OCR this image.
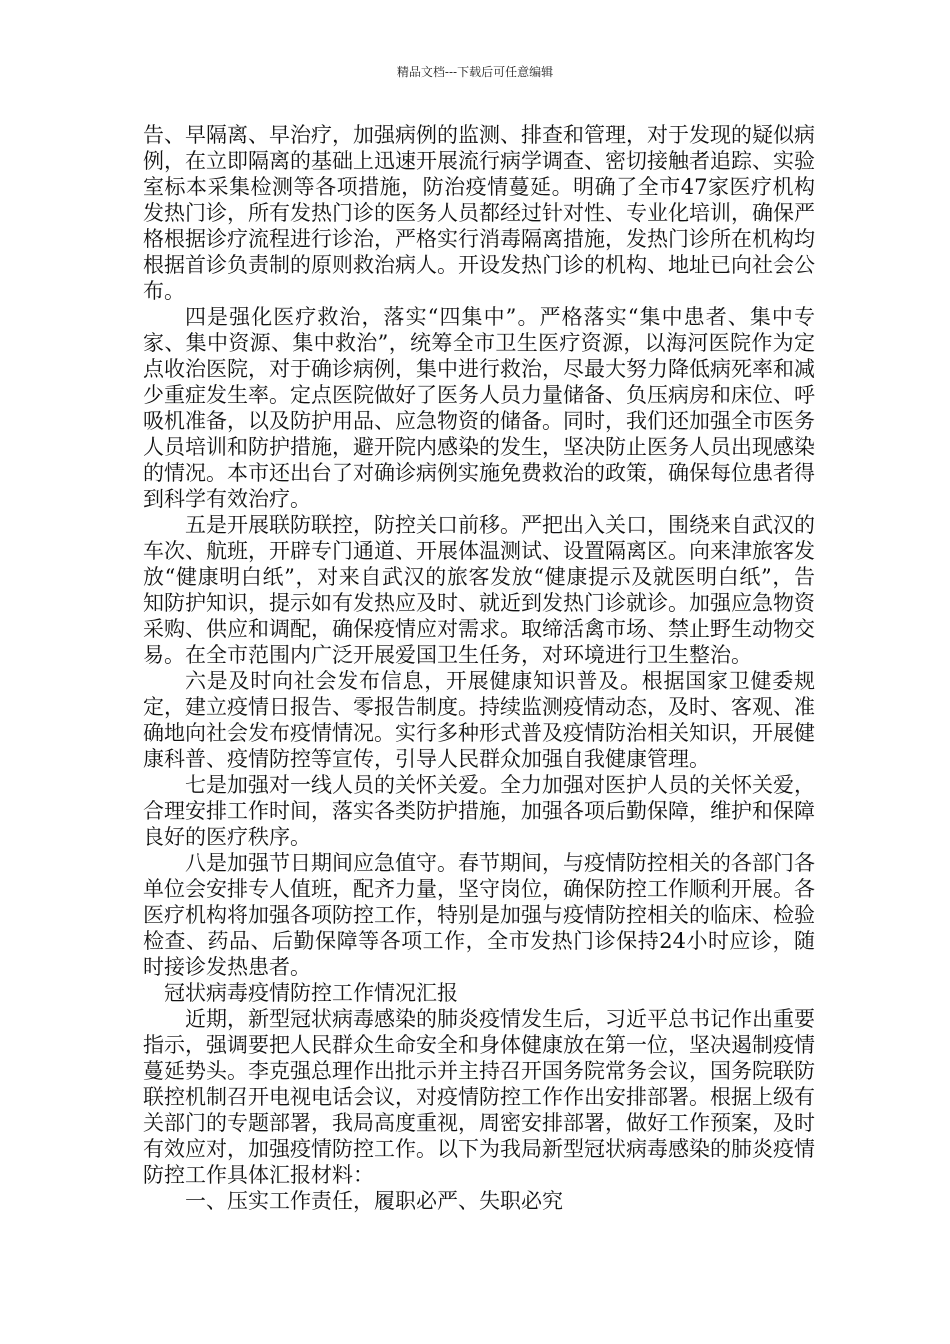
精品文档---下载后可任意编辑

告、早隔离、早治疗，加强病例的监测、排查和管理，对于发现的疑似病例，在立即隔离的基础上迅速开展流行病学调查、密切接触者追踪、实验室标本采集检测等各项措施，防治疫情蔓延。明确了全市47家医疗机构发热门诊，所有发热门诊的医务人员都经过针对性、专业化培训，确保严格根据诊疗流程进行诊治，严格实行消毒隔离措施，发热门诊所在机构均根据首诊负责制的原则救治病人。开设发热门诊的机构、地址已向社会公布。

四是强化医疗救治，落实“四集中”。严格落实“集中患者、集中专家、集中资源、集中救治”，统筹全市卫生医疗资源，以海河医院作为定点收治医院，对于确诊病例，集中进行救治，尽最大努力降低病死率和减少重症发生率。定点医院做好了医务人员力量储备、负压病房和床位、呼吸机准备，以及防护用品、应急物资的储备。同时，我们还加强全市医务人员培训和防护措施，避开院内感染的发生，坚决防止医务人员出现感染的情况。本市还出台了对确诊病例实施免费救治的政策，确保每位患者得到科学有效治疗。

五是开展联防联控，防控关口前移。严把出入关口，围绕来自武汉的车次、航班，开辟专门通道、开展体温测试、设置隔离区。向来津旅客发放“健康明白纸”，对来自武汉的旅客发放“健康提示及就医明白纸”，告知防护知识，提示如有发热应及时、就近到发热门诊就诊。加强应急物资采购、供应和调配，确保疫情应对需求。取缔活禽市场、禁止野生动物交易。在全市范围内广泛开展爱国卫生任务，对环境进行卫生整治。

六是及时向社会发布信息，开展健康知识普及。根据国家卫健委规定，建立疫情日报告、零报告制度。持续监测疫情动态，及时、客观、准确地向社会发布疫情情况。实行多种形式普及疫情防治相关知识，开展健康科普、疫情防控等宣传，引导人民群众加强自我健康管理。

七是加强对一线人员的关怀关爱。全力加强对医护人员的关怀关爱，合理安排工作时间，落实各类防护措施，加强各项后勤保障，维护和保障良好的医疗秩序。

八是加强节日期间应急值守。春节期间，与疫情防控相关的各部门各单位会安排专人值班，配齐力量，坚守岗位，确保防控工作顺利开展。各医疗机构将加强各项防控工作，特别是加强与疫情防控相关的临床、检验检查、药品、后勤保障等各项工作，全市发热门诊保持24小时应诊，随时接诊发热患者。

冠状病毒疫情防控工作情况汇报

近期，新型冠状病毒感染的肺炎疫情发生后，习近平总书记作出重要指示，强调要把人民群众生命安全和身体健康放在第一位，坚决遏制疫情蔓延势头。李克强总理作出批示并主持召开国务院常务会议，国务院联防联控机制召开电视电话会议，对疫情防控工作作出安排部署。根据上级有关部门的专题部署，我局高度重视，周密安排部署，做好工作预案，及时有效应对，加强疫情防控工作。以下为我局新型冠状病毒感染的肺炎疫情防控工作具体汇报材料：

一、压实工作责任，履职必严、失职必究
